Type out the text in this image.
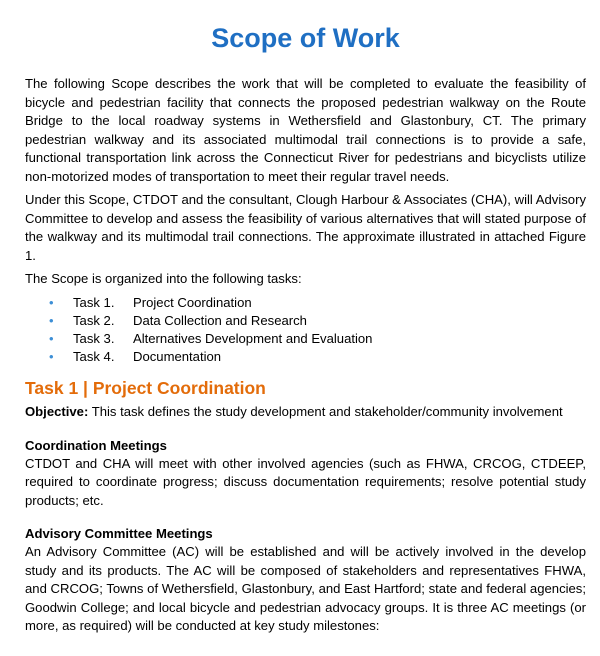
Scope of Work

The following Scope describes the work that will be completed to evaluate the feasibility of bicycle and pedestrian facility that connects the proposed pedestrian walkway on the Route Bridge to the local roadway systems in Wethersfield and Glastonbury, CT. The primary pedestrian walkway and its associated multimodal trail connections is to provide a safe, functional transportation link across the Connecticut River for pedestrians and bicyclists utilize non-motorized modes of transportation to meet their regular travel needs.

Under this Scope, CTDOT and the consultant, Clough Harbour & Associates (CHA), will Advisory Committee to develop and assess the feasibility of various alternatives that will stated purpose of the walkway and its multimodal trail connections. The approximate illustrated in attached Figure 1.

The Scope is organized into the following tasks:

•	Task 1.	Project Coordination
•	Task 2.	Data Collection and Research
•	Task 3.	Alternatives Development and Evaluation
•	Task 4.	Documentation
Task 1 | Project Coordination

Objective: This task defines the study development and stakeholder/community involvement

Coordination Meetings

CTDOT and CHA will meet with other involved agencies (such as FHWA, CRCOG, CTDEEP, required to coordinate progress; discuss documentation requirements; resolve potential study products; etc.

Advisory Committee Meetings

An Advisory Committee (AC) will be established and will be actively involved in the develop study and its products. The AC will be composed of stakeholders and representatives FHWA, and CRCOG; Towns of Wethersfield, Glastonbury, and East Hartford; state and federal agencies; Goodwin College; and local bicycle and pedestrian advocacy groups. It is three AC meetings (or more, as required) will be conducted at key study milestones:
